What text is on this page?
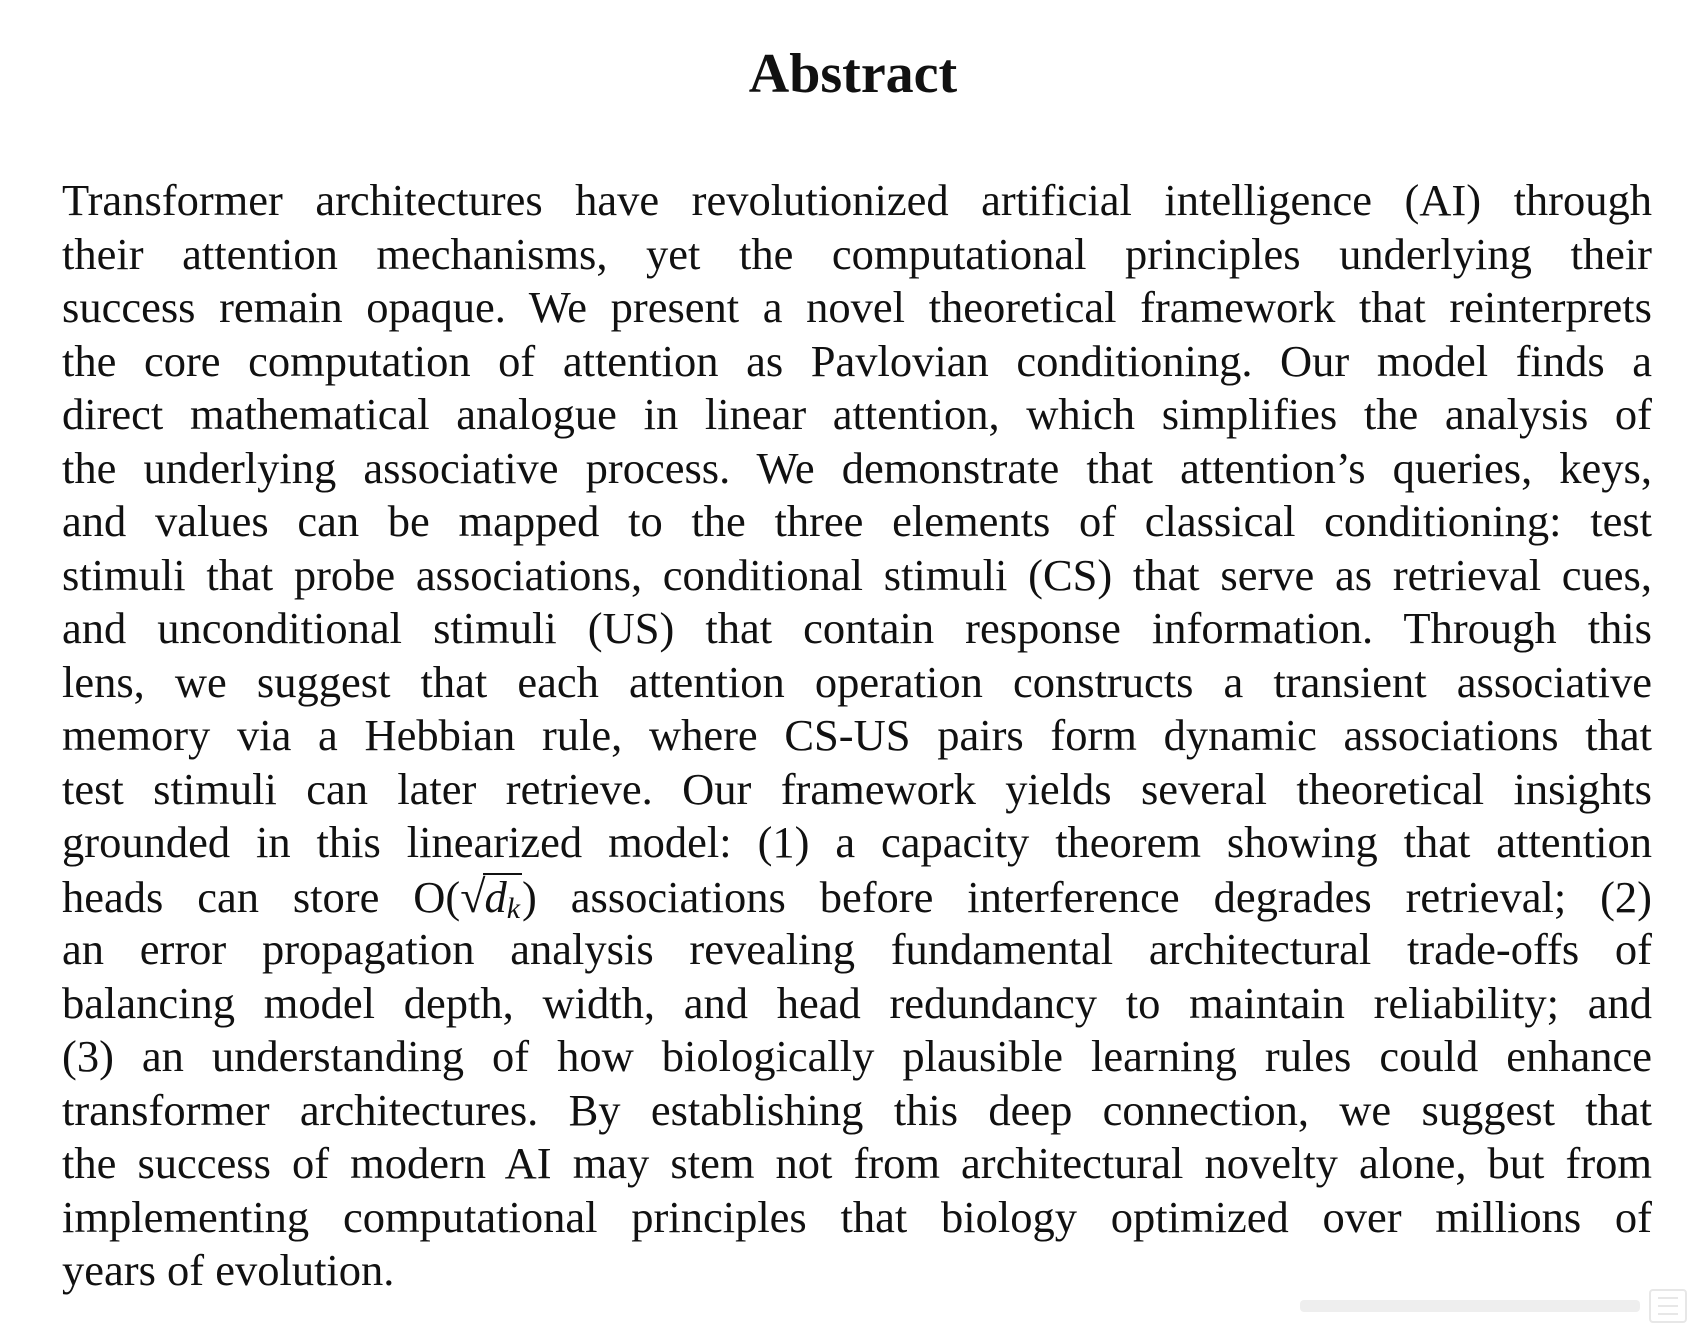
Abstract
Transformer architectures have revolutionized artificial intelligence (AI) through
their attention mechanisms, yet the computational principles underlying their
success remain opaque. We present a novel theoretical framework that reinterprets
the core computation of attention as Pavlovian conditioning. Our model finds a
direct mathematical analogue in linear attention, which simplifies the analysis of
the underlying associative process. We demonstrate that attention’s queries, keys,
and values can be mapped to the three elements of classical conditioning: test
stimuli that probe associations, conditional stimuli (CS) that serve as retrieval cues,
and unconditional stimuli (US) that contain response information. Through this
lens, we suggest that each attention operation constructs a transient associative
memory via a Hebbian rule, where CS-US pairs form dynamic associations that
test stimuli can later retrieve. Our framework yields several theoretical insights
grounded in this linearized model: (1) a capacity theorem showing that attention
heads can store $O(√d_k)$ associations before interference degrades retrieval; (2)
an error propagation analysis revealing fundamental architectural trade-offs of
balancing model depth, width, and head redundancy to maintain reliability; and
(3) an understanding of how biologically plausible learning rules could enhance
transformer architectures. By establishing this deep connection, we suggest that
the success of modern AI may stem not from architectural novelty alone, but from
implementing computational principles that biology optimized over millions of
years of evolution.
